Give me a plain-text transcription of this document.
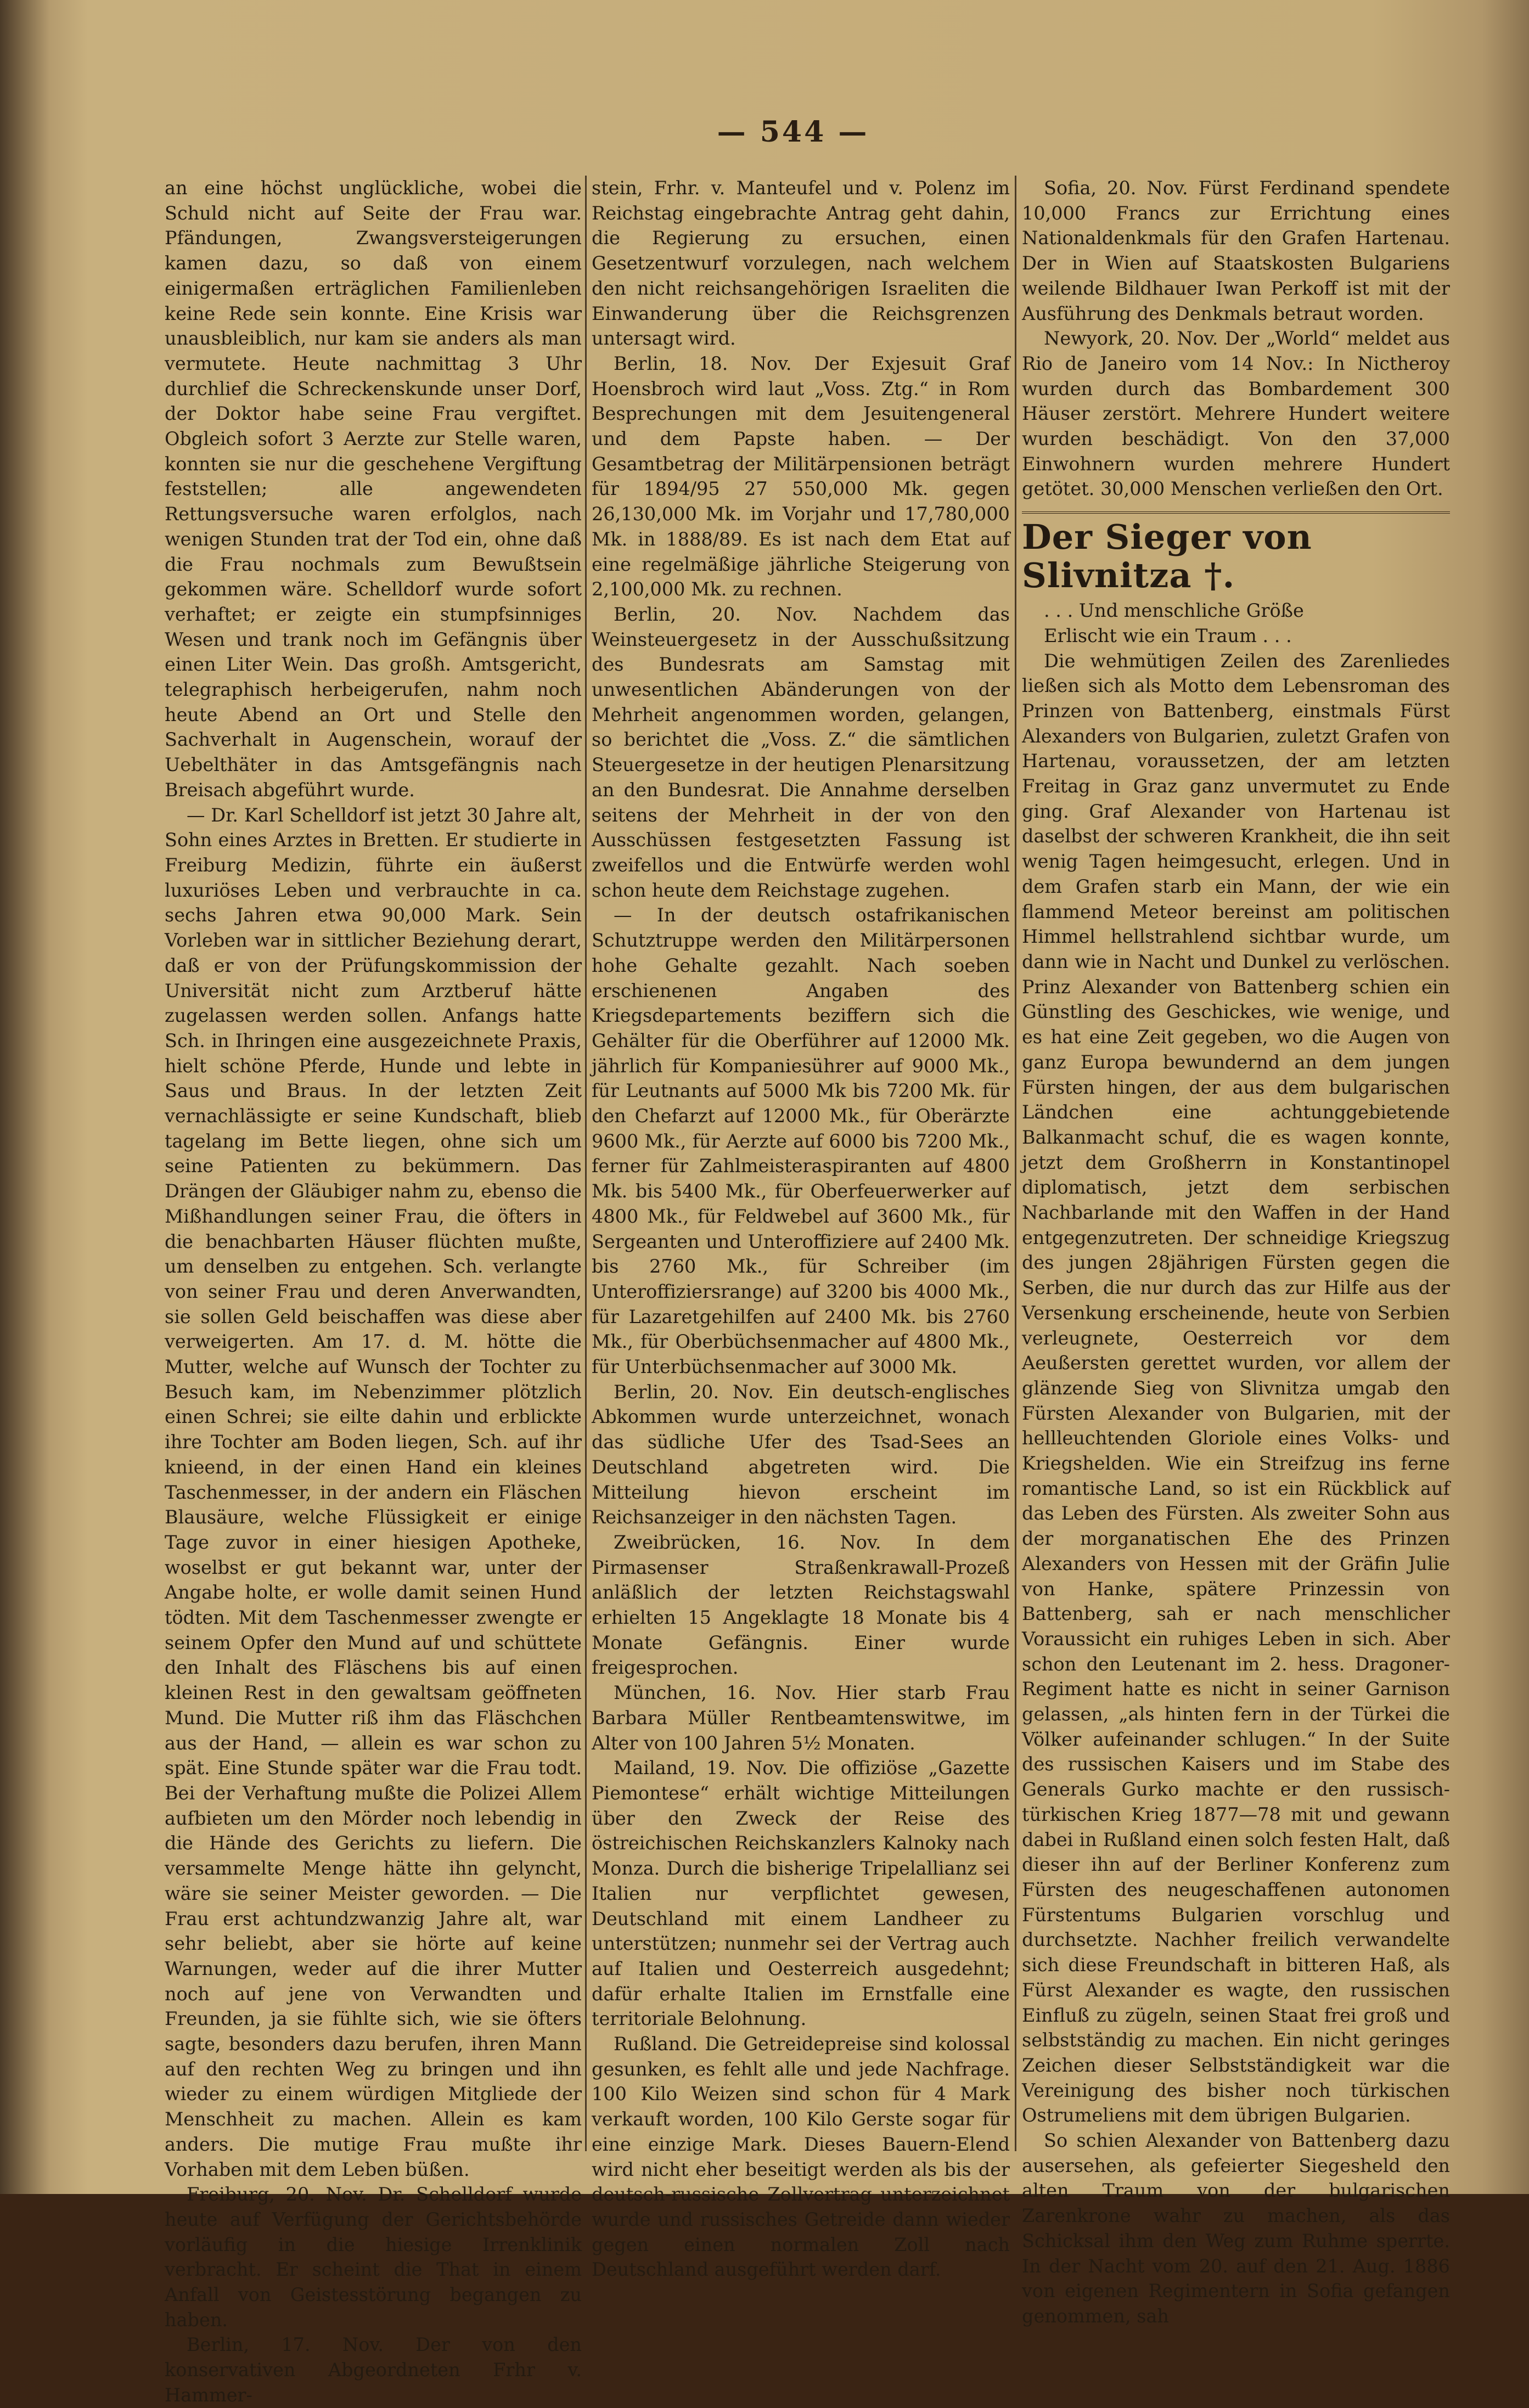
— 544 —

an eine höchst unglückliche, wobei die Schuld nicht auf Seite der Frau war. Pfändungen, Zwangsversteigerungen kamen dazu, so daß von einem einigermaßen erträglichen Familienleben keine Rede sein konnte. Eine Krisis war unausbleiblich, nur kam sie anders als man vermutete. Heute nachmittag 3 Uhr durchlief die Schreckenskunde unser Dorf, der Doktor habe seine Frau vergiftet. Obgleich sofort 3 Aerzte zur Stelle waren, konnten sie nur die geschehene Vergiftung feststellen; alle angewendeten Rettungsversuche waren erfolglos, nach wenigen Stunden trat der Tod ein, ohne daß die Frau nochmals zum Bewußtsein gekommen wäre. Schelldorf wurde sofort verhaftet; er zeigte ein stumpfsinniges Wesen und trank noch im Gefängnis über einen Liter Wein. Das großh. Amtsgericht, telegraphisch herbeigerufen, nahm noch heute Abend an Ort und Stelle den Sachverhalt in Augenschein, worauf der Uebelthäter in das Amtsgefängnis nach Breisach abgeführt wurde.

— Dr. Karl Schelldorf ist jetzt 30 Jahre alt, Sohn eines Arztes in Bretten. Er studierte in Freiburg Medizin, führte ein äußerst luxuriöses Leben und verbrauchte in ca. sechs Jahren etwa 90,000 Mark. Sein Vorleben war in sittlicher Beziehung derart, daß er von der Prüfungskommission der Universität nicht zum Arztberuf hätte zugelassen werden sollen. Anfangs hatte Sch. in Ihringen eine ausgezeichnete Praxis, hielt schöne Pferde, Hunde und lebte in Saus und Braus. In der letzten Zeit vernachlässigte er seine Kundschaft, blieb tagelang im Bette liegen, ohne sich um seine Patienten zu bekümmern. Das Drängen der Gläubiger nahm zu, ebenso die Mißhandlungen seiner Frau, die öfters in die benachbarten Häuser flüchten mußte, um denselben zu entgehen. Sch. verlangte von seiner Frau und deren Anverwandten, sie sollen Geld beischaffen was diese aber verweigerten. Am 17. d. M. hötte die Mutter, welche auf Wunsch der Tochter zu Besuch kam, im Nebenzimmer plötzlich einen Schrei; sie eilte dahin und erblickte ihre Tochter am Boden liegen, Sch. auf ihr knieend, in der einen Hand ein kleines Taschenmesser, in der andern ein Fläschen Blausäure, welche Flüssigkeit er einige Tage zuvor in einer hiesigen Apotheke, woselbst er gut bekannt war, unter der Angabe holte, er wolle damit seinen Hund tödten. Mit dem Taschenmesser zwengte er seinem Opfer den Mund auf und schüttete den Inhalt des Fläschens bis auf einen kleinen Rest in den gewaltsam geöffneten Mund. Die Mutter riß ihm das Fläschchen aus der Hand, — allein es war schon zu spät. Eine Stunde später war die Frau todt. Bei der Verhaftung mußte die Polizei Allem aufbieten um den Mörder noch lebendig in die Hände des Gerichts zu liefern. Die versammelte Menge hätte ihn gelyncht, wäre sie seiner Meister geworden. — Die Frau erst achtundzwanzig Jahre alt, war sehr beliebt, aber sie hörte auf keine Warnungen, weder auf die ihrer Mutter noch auf jene von Verwandten und Freunden, ja sie fühlte sich, wie sie öfters sagte, besonders dazu berufen, ihren Mann auf den rechten Weg zu bringen und ihn wieder zu einem würdigen Mitgliede der Menschheit zu machen. Allein es kam anders. Die mutige Frau mußte ihr Vorhaben mit dem Leben büßen.

Freiburg, 20. Nov. Dr. Schelldorf wurde heute auf Verfügung der Gerichtsbehörde vorläufig in die hiesige Irrenklinik verbracht. Er scheint die That in einem Anfall von Geistesstörung begangen zu haben.

Berlin, 17. Nov. Der von den konservativen Abgeordneten Frhr v. Hammer-

stein, Frhr. v. Manteufel und v. Polenz im Reichstag eingebrachte Antrag geht dahin, die Regierung zu ersuchen, einen Gesetzentwurf vorzulegen, nach welchem den nicht reichsangehörigen Israeliten die Einwanderung über die Reichsgrenzen untersagt wird.

Berlin, 18. Nov. Der Exjesuit Graf Hoensbroch wird laut „Voss. Ztg.“ in Rom Besprechungen mit dem Jesuitengeneral und dem Papste haben. — Der Gesamtbetrag der Militärpensionen beträgt für 1894/95 27 550,000 Mk. gegen 26,130,000 Mk. im Vorjahr und 17,780,000 Mk. in 1888/89. Es ist nach dem Etat auf eine regelmäßige jährliche Steigerung von 2,100,000 Mk. zu rechnen.

Berlin, 20. Nov. Nachdem das Weinsteuergesetz in der Ausschußsitzung des Bundesrats am Samstag mit unwesentlichen Abänderungen von der Mehrheit angenommen worden, gelangen, so berichtet die „Voss. Z.“ die sämtlichen Steuergesetze in der heutigen Plenarsitzung an den Bundesrat. Die Annahme derselben seitens der Mehrheit in der von den Ausschüssen festgesetzten Fassung ist zweifellos und die Entwürfe werden wohl schon heute dem Reichstage zugehen.

— In der deutsch ostafrikanischen Schutztruppe werden den Militärpersonen hohe Gehalte gezahlt. Nach soeben erschienenen Angaben des Kriegsdepartements beziffern sich die Gehälter für die Oberführer auf 12000 Mk. jährlich für Kompaniesührer auf 9000 Mk., für Leutnants auf 5000 Mk bis 7200 Mk. für den Chefarzt auf 12000 Mk., für Oberärzte 9600 Mk., für Aerzte auf 6000 bis 7200 Mk., ferner für Zahlmeisteraspiranten auf 4800 Mk. bis 5400 Mk., für Oberfeuerwerker auf 4800 Mk., für Feldwebel auf 3600 Mk., für Sergeanten und Unteroffiziere auf 2400 Mk. bis 2760 Mk., für Schreiber (im Unteroffiziersrange) auf 3200 bis 4000 Mk., für Lazaretgehilfen auf 2400 Mk. bis 2760 Mk., für Oberbüchsenmacher auf 4800 Mk., für Unterbüchsenmacher auf 3000 Mk.

Berlin, 20. Nov. Ein deutsch-englisches Abkommen wurde unterzeichnet, wonach das südliche Ufer des Tsad-Sees an Deutschland abgetreten wird. Die Mitteilung hievon erscheint im Reichsanzeiger in den nächsten Tagen.

Zweibrücken, 16. Nov. In dem Pirmasenser Straßenkrawall-Prozeß anläßlich der letzten Reichstagswahl erhielten 15 Angeklagte 18 Monate bis 4 Monate Gefängnis. Einer wurde freigesprochen.

München, 16. Nov. Hier starb Frau Barbara Müller Rentbeamtenswitwe, im Alter von 100 Jahren 5½ Monaten.

Mailand, 19. Nov. Die offiziöse „Gazette Piemontese“ erhält wichtige Mitteilungen über den Zweck der Reise des östreichischen Reichskanzlers Kalnoky nach Monza. Durch die bisherige Tripelallianz sei Italien nur verpflichtet gewesen, Deutschland mit einem Landheer zu unterstützen; nunmehr sei der Vertrag auch auf Italien und Oesterreich ausgedehnt; dafür erhalte Italien im Ernstfalle eine territoriale Belohnung.

Rußland. Die Getreidepreise sind kolossal gesunken, es fehlt alle und jede Nachfrage. 100 Kilo Weizen sind schon für 4 Mark verkauft worden, 100 Kilo Gerste sogar für eine einzige Mark. Dieses Bauern-Elend wird nicht eher beseitigt werden als bis der deutsch-russische Zollvertrag unterzeichnet wurde und russisches Getreide dann wieder gegen einen normalen Zoll nach Deutschland ausgeführt werden darf.

Sofia, 20. Nov. Fürst Ferdinand spendete 10,000 Francs zur Errichtung eines Nationaldenkmals für den Grafen Hartenau. Der in Wien auf Staatskosten Bulgariens weilende Bildhauer Iwan Perkoff ist mit der Ausführung des Denkmals betraut worden.

Newyork, 20. Nov. Der „World“ meldet aus Rio de Janeiro vom 14 Nov.: In Nictheroy wurden durch das Bombardement 300 Häuser zerstört. Mehrere Hundert weitere wurden beschädigt. Von den 37,000 Einwohnern wurden mehrere Hundert getötet. 30,000 Menschen verließen den Ort.

Der Sieger von Slivnitza †.

. . . Und menschliche Größe

Erlischt wie ein Traum . . .

Die wehmütigen Zeilen des Zarenliedes ließen sich als Motto dem Lebensroman des Prinzen von Battenberg, einstmals Fürst Alexanders von Bulgarien, zuletzt Grafen von Hartenau, voraussetzen, der am letzten Freitag in Graz ganz unvermutet zu Ende ging. Graf Alexander von Hartenau ist daselbst der schweren Krankheit, die ihn seit wenig Tagen heimgesucht, erlegen. Und in dem Grafen starb ein Mann, der wie ein flammend Meteor bereinst am politischen Himmel hellstrahlend sichtbar wurde, um dann wie in Nacht und Dunkel zu verlöschen. Prinz Alexander von Battenberg schien ein Günstling des Geschickes, wie wenige, und es hat eine Zeit gegeben, wo die Augen von ganz Europa bewundernd an dem jungen Fürsten hingen, der aus dem bulgarischen Ländchen eine achtunggebietende Balkanmacht schuf, die es wagen konnte, jetzt dem Großherrn in Konstantinopel diplomatisch, jetzt dem serbischen Nachbarlande mit den Waffen in der Hand entgegenzutreten. Der schneidige Kriegszug des jungen 28jährigen Fürsten gegen die Serben, die nur durch das zur Hilfe aus der Versenkung erscheinende, heute von Serbien verleugnete, Oesterreich vor dem Aeußersten gerettet wurden, vor allem der glänzende Sieg von Slivnitza umgab den Fürsten Alexander von Bulgarien, mit der hellleuchtenden Gloriole eines Volks- und Kriegshelden. Wie ein Streifzug ins ferne romantische Land, so ist ein Rückblick auf das Leben des Fürsten. Als zweiter Sohn aus der morganatischen Ehe des Prinzen Alexanders von Hessen mit der Gräfin Julie von Hanke, spätere Prinzessin von Battenberg, sah er nach menschlicher Voraussicht ein ruhiges Leben in sich. Aber schon den Leutenant im 2. hess. Dragoner-Regiment hatte es nicht in seiner Garnison gelassen, „als hinten fern in der Türkei die Völker aufeinander schlugen.“ In der Suite des russischen Kaisers und im Stabe des Generals Gurko machte er den russisch-türkischen Krieg 1877—78 mit und gewann dabei in Rußland einen solch festen Halt, daß dieser ihn auf der Berliner Konferenz zum Fürsten des neugeschaffenen autonomen Fürstentums Bulgarien vorschlug und durchsetzte. Nachher freilich verwandelte sich diese Freundschaft in bitteren Haß, als Fürst Alexander es wagte, den russischen Einfluß zu zügeln, seinen Staat frei groß und selbstständig zu machen. Ein nicht geringes Zeichen dieser Selbstständigkeit war die Vereinigung des bisher noch türkischen Ostrumeliens mit dem übrigen Bulgarien.

So schien Alexander von Battenberg dazu ausersehen, als gefeierter Siegesheld den alten Traum von der bulgarischen Zarenkrone wahr zu machen, als das Schicksal ihm den Weg zum Ruhme sperrte. In der Nacht vom 20. auf den 21. Aug. 1886 von eigenen Regimentern in Sofia gefangen genommen, sah
